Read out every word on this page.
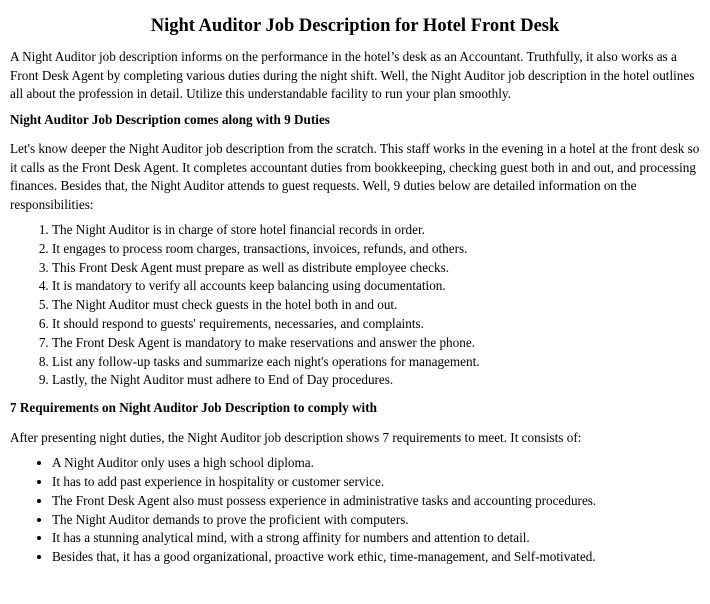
Night Auditor Job Description for Hotel Front Desk

A Night Auditor job description informs on the performance in the hotel’s desk as an Accountant. Truthfully, it also works as a Front Desk Agent by completing various duties during the night shift. Well, the Night Auditor job description in the hotel outlines all about the profession in detail. Utilize this understandable facility to run your plan smoothly.

Night Auditor Job Description comes along with 9 Duties

Let's know deeper the Night Auditor job description from the scratch. This staff works in the evening in a hotel at the front desk so it calls as the Front Desk Agent. It completes accountant duties from bookkeeping, checking guest both in and out, and processing finances. Besides that, the Night Auditor attends to guest requests. Well, 9 duties below are detailed information on the responsibilities:

1. The Night Auditor is in charge of store hotel financial records in order.
2. It engages to process room charges, transactions, invoices, refunds, and others.
3. This Front Desk Agent must prepare as well as distribute employee checks.
4. It is mandatory to verify all accounts keep balancing using documentation.
5. The Night Auditor must check guests in the hotel both in and out.
6. It should respond to guests' requirements, necessaries, and complaints.
7. The Front Desk Agent is mandatory to make reservations and answer the phone.
8. List any follow-up tasks and summarize each night's operations for management.
9. Lastly, the Night Auditor must adhere to End of Day procedures.

7 Requirements on Night Auditor Job Description to comply with

After presenting night duties, the Night Auditor job description shows 7 requirements to meet. It consists of:

• A Night Auditor only uses a high school diploma.
• It has to add past experience in hospitality or customer service.
• The Front Desk Agent also must possess experience in administrative tasks and accounting procedures.
• The Night Auditor demands to prove the proficient with computers.
• It has a stunning analytical mind, with a strong affinity for numbers and attention to detail.
• Besides that, it has a good organizational, proactive work ethic, time-management, and Self-motivated.
